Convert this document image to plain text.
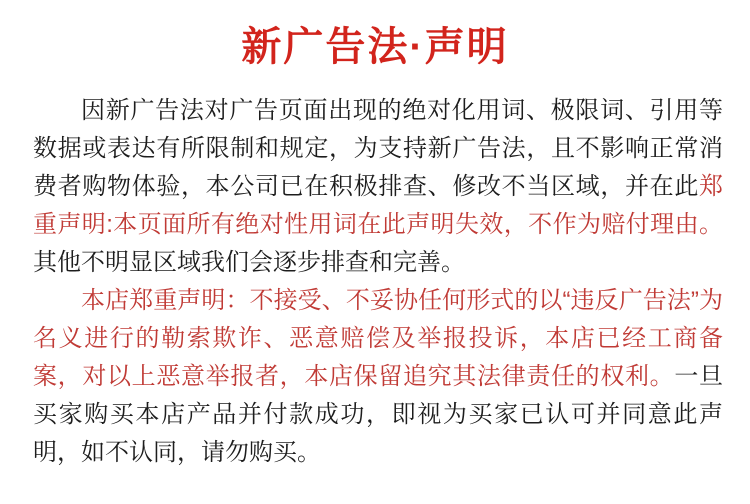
新广告法·声明

因新广告法对广告页面出现的绝对化用词、极限词、引用等数据或表达有所限制和规定，为支持新广告法，且不影响正常消费者购物体验，本公司已在积极排查、修改不当区域，并在此郑重声明:本页面所有绝对性用词在此声明失效，不作为赔付理由。其他不明显区域我们会逐步排查和完善。

本店郑重声明：不接受、不妥协任何形式的以“违反广告法”为名义进行的勒索欺诈、恶意赔偿及举报投诉，本店已经工商备案，对以上恶意举报者，本店保留追究其法律责任的权利。一旦买家购买本店产品并付款成功，即视为买家已认可并同意此声明，如不认同，请勿购买。
